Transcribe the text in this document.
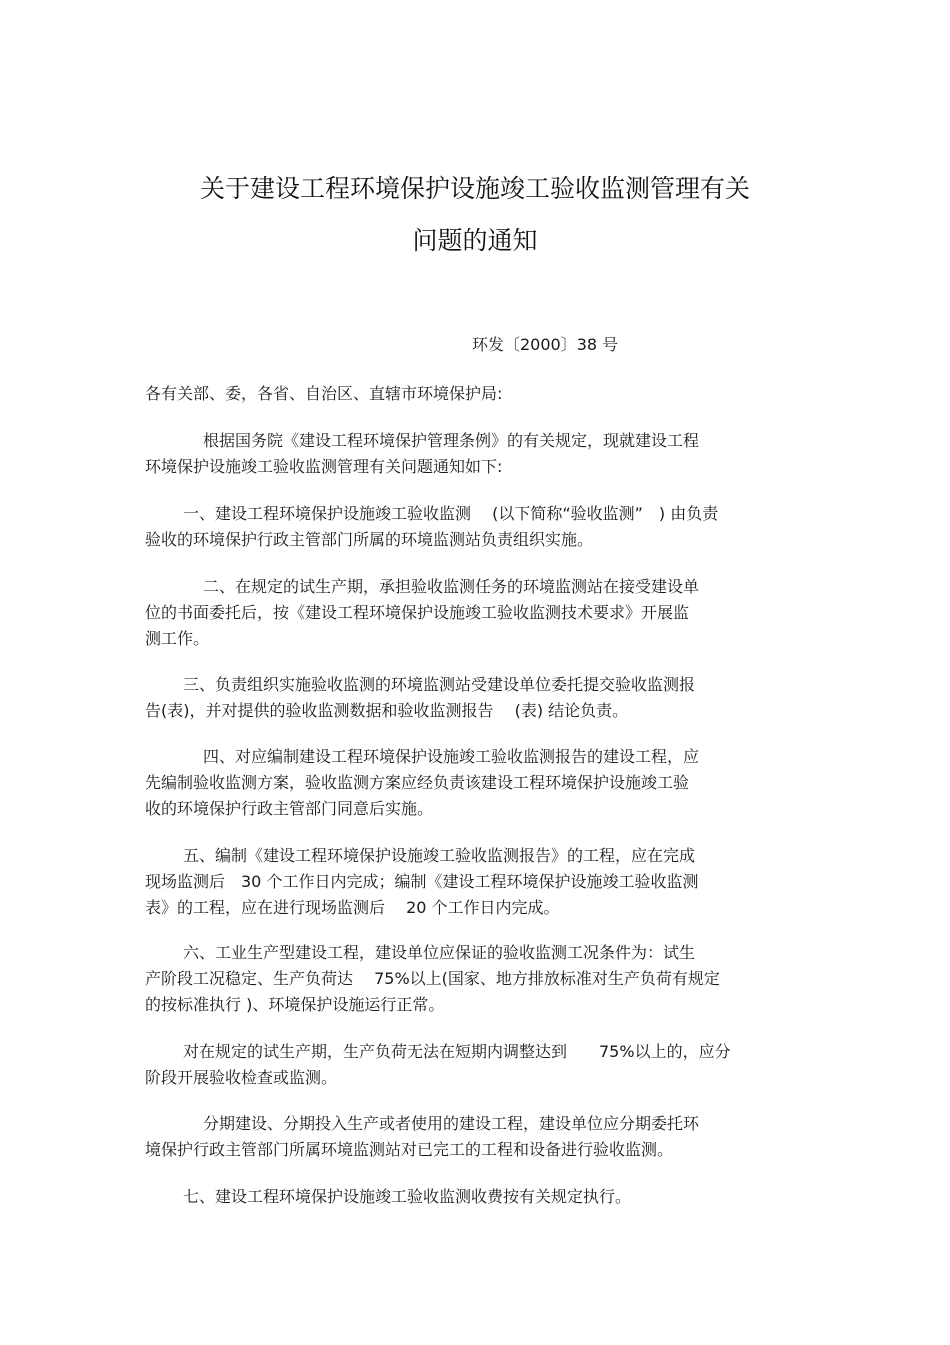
关于建设工程环境保护设施竣工验收监测管理有关
问题的通知
环发〔2000〕38 号
各有关部、委，各省、自治区、直辖市环境保护局:
根据国务院《建设工程环境保护管理条例》的有关规定，现就建设工程
环境保护设施竣工验收监测管理有关问题通知如下:
一、建设工程环境保护设施竣工验收监测　 (以下简称“验收监测”　) 由负责
验收的环境保护行政主管部门所属的环境监测站负责组织实施。
二、在规定的试生产期，承担验收监测任务的环境监测站在接受建设单
位的书面委托后，按《建设工程环境保护设施竣工验收监测技术要求》开展监
测工作。
三、负责组织实施验收监测的环境监测站受建设单位委托提交验收监测报
告(表)，并对提供的验收监测数据和验收监测报告　 (表) 结论负责。
四、对应编制建设工程环境保护设施竣工验收监测报告的建设工程，应
先编制验收监测方案，验收监测方案应经负责该建设工程环境保护设施竣工验
收的环境保护行政主管部门同意后实施。
五、编制《建设工程环境保护设施竣工验收监测报告》的工程，应在完成
现场监测后　30 个工作日内完成；编制《建设工程环境保护设施竣工验收监测
表》的工程，应在进行现场监测后　 20 个工作日内完成。
六、工业生产型建设工程，建设单位应保证的验收监测工况条件为：试生
产阶段工况稳定、生产负荷达　 75%以上(国家、地方排放标准对生产负荷有规定
的按标准执行 )、环境保护设施运行正常。
对在规定的试生产期，生产负荷无法在短期内调整达到　　75%以上的，应分
阶段开展验收检查或监测。
分期建设、分期投入生产或者使用的建设工程，建设单位应分期委托环
境保护行政主管部门所属环境监测站对已完工的工程和设备进行验收监测。
七、建设工程环境保护设施竣工验收监测收费按有关规定执行。
